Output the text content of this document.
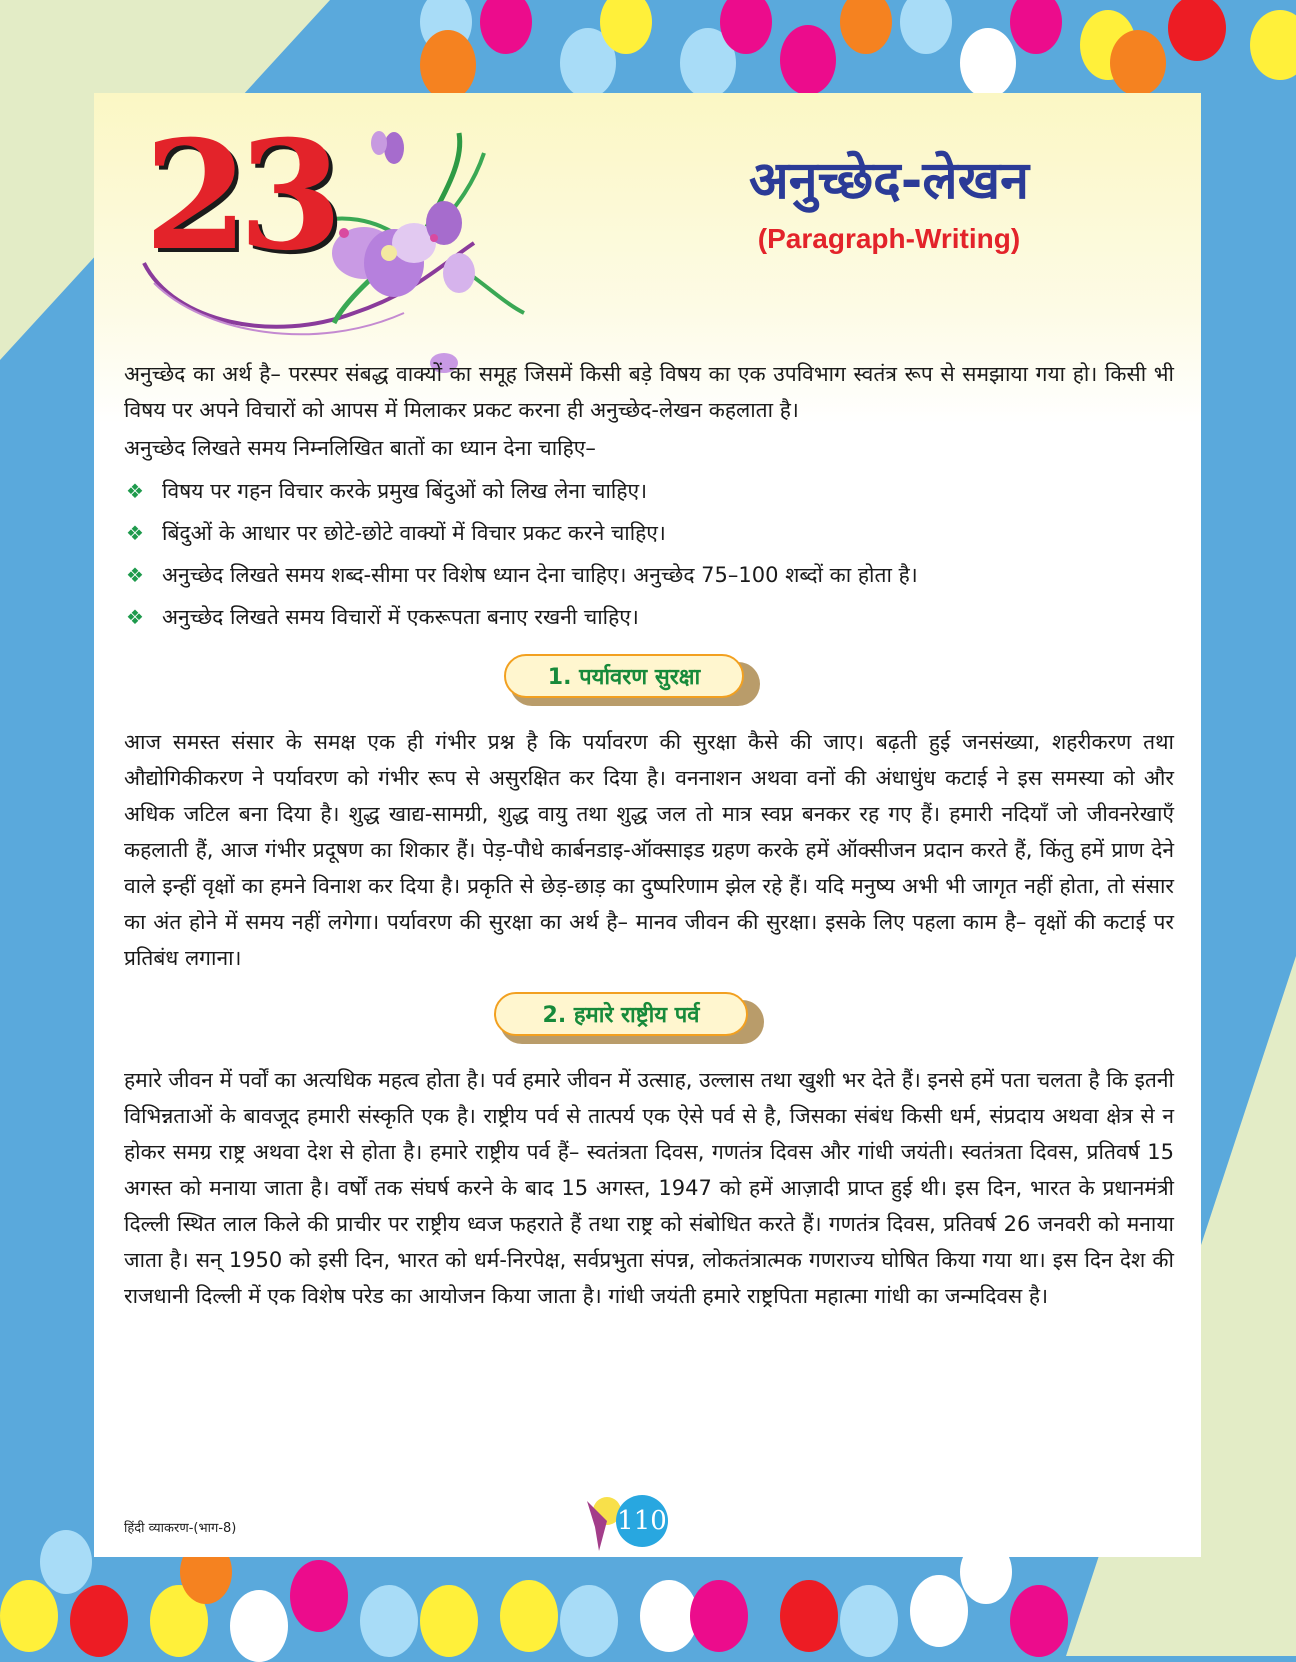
23	अनुच्छेद-लेखन
(Paragraph-Writing)

अनुच्छेद का अर्थ है– परस्पर संबद्ध वाक्यों का समूह जिसमें किसी बड़े विषय का एक उपविभाग स्वतंत्र रूप से समझाया गया हो। किसी भी विषय पर अपने विचारों को आपस में मिलाकर प्रकट करना ही अनुच्छेद-लेखन कहलाता है।

अनुच्छेद लिखते समय निम्नलिखित बातों का ध्यान देना चाहिए–

❖ विषय पर गहन विचार करके प्रमुख बिंदुओं को लिख लेना चाहिए।
❖ बिंदुओं के आधार पर छोटे-छोटे वाक्यों में विचार प्रकट करने चाहिए।
❖ अनुच्छेद लिखते समय शब्द-सीमा पर विशेष ध्यान देना चाहिए। अनुच्छेद 75–100 शब्दों का होता है।
❖ अनुच्छेद लिखते समय विचारों में एकरूपता बनाए रखनी चाहिए।
1. पर्यावरण सुरक्षा

आज समस्त संसार के समक्ष एक ही गंभीर प्रश्न है कि पर्यावरण की सुरक्षा कैसे की जाए। बढ़ती हुई जनसंख्या, शहरीकरण तथा औद्योगिकीकरण ने पर्यावरण को गंभीर रूप से असुरक्षित कर दिया है। वननाशन अथवा वनों की अंधाधुंध कटाई ने इस समस्या को और अधिक जटिल बना दिया है। शुद्ध खाद्य-सामग्री, शुद्ध वायु तथा शुद्ध जल तो मात्र स्वप्न बनकर रह गए हैं। हमारी नदियाँ जो जीवनरेखाएँ कहलाती हैं, आज गंभीर प्रदूषण का शिकार हैं। पेड़-पौधे कार्बनडाइ-ऑक्साइड ग्रहण करके हमें ऑक्सीजन प्रदान करते हैं, किंतु हमें प्राण देने वाले इन्हीं वृक्षों का हमने विनाश कर दिया है। प्रकृति से छेड़-छाड़ का दुष्परिणाम झेल रहे हैं। यदि मनुष्य अभी भी जागृत नहीं होता, तो संसार का अंत होने में समय नहीं लगेगा। पर्यावरण की सुरक्षा का अर्थ है– मानव जीवन की सुरक्षा। इसके लिए पहला काम है– वृक्षों की कटाई पर प्रतिबंध लगाना।

2. हमारे राष्ट्रीय पर्व

हमारे जीवन में पर्वों का अत्यधिक महत्व होता है। पर्व हमारे जीवन में उत्साह, उल्लास तथा खुशी भर देते हैं। इनसे हमें पता चलता है कि इतनी विभिन्नताओं के बावजूद हमारी संस्कृति एक है। राष्ट्रीय पर्व से तात्पर्य एक ऐसे पर्व से है, जिसका संबंध किसी धर्म, संप्रदाय अथवा क्षेत्र से न होकर समग्र राष्ट्र अथवा देश से होता है। हमारे राष्ट्रीय पर्व हैं– स्वतंत्रता दिवस, गणतंत्र दिवस और गांधी जयंती। स्वतंत्रता दिवस, प्रतिवर्ष 15 अगस्त को मनाया जाता है। वर्षों तक संघर्ष करने के बाद 15 अगस्त, 1947 को हमें आज़ादी प्राप्त हुई थी। इस दिन, भारत के प्रधानमंत्री दिल्ली स्थित लाल किले की प्राचीर पर राष्ट्रीय ध्वज फहराते हैं तथा राष्ट्र को संबोधित करते हैं। गणतंत्र दिवस, प्रतिवर्ष 26 जनवरी को मनाया जाता है। सन् 1950 को इसी दिन, भारत को धर्म-निरपेक्ष, सर्वप्रभुता संपन्न, लोकतंत्रात्मक गणराज्य घोषित किया गया था। इस दिन देश की राजधानी दिल्ली में एक विशेष परेड का आयोजन किया जाता है। गांधी जयंती हमारे राष्ट्रपिता महात्मा गांधी का जन्मदिवस है।

हिंदी व्याकरण-(भाग-8)	110
